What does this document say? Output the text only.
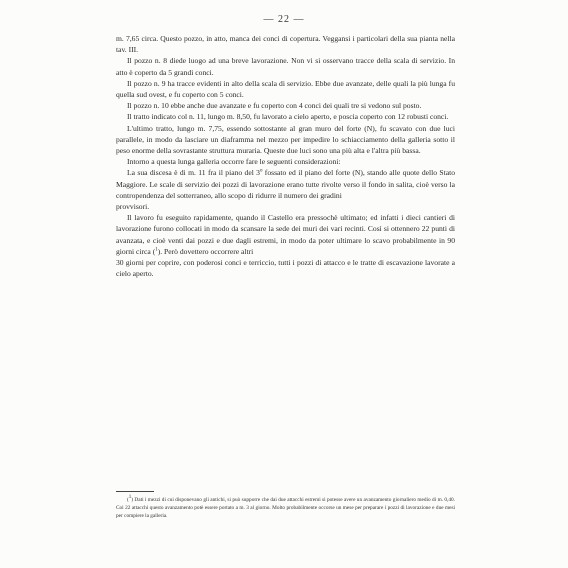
— 22 —

m. 7,65 circa. Questo pozzo, in atto, manca dei conci di copertura. Veggansi i particolari della sua pianta nella tav. III.

Il pozzo n. 8 diede luogo ad una breve lavorazione. Non vi si osservano tracce della scala di servizio. In atto è coperto da 5 grandi conci.

Il pozzo n. 9 ha tracce evidenti in alto della scala di servizio. Ebbe due avanzate, delle quali la più lunga fu quella sud ovest, e fu coperto con 5 conci.

Il pozzo n. 10 ebbe anche due avanzate e fu coperto con 4 conci dei quali tre si vedono sul posto.

Il tratto indicato col n. 11, lungo m. 8,50, fu lavorato a cielo aperto, e poscia coperto con 12 robusti conci.

L'ultimo tratto, lungo m. 7,75, essendo sottostante al gran muro del forte (N), fu scavato con due luci parallele, in modo da lasciare un diaframma nel mezzo per impedire lo schiacciamento della galleria sotto il peso enorme della sovrastante struttura muraria. Queste due luci sono una più alta e l'altra più bassa.

Intorno a questa lunga galleria occorre fare le seguenti considerazioni:

La sua discesa è di m. 11 fra il piano del 3$^o$ fossato ed il piano del forte (N), stando alle quote dello Stato Maggiore. Le scale di servizio dei pozzi di lavorazione erano tutte rivolte verso il fondo in salita, cioè verso la contropendenza del sotterraneo, allo scopo di ridurre il numero dei gradini

provvisori.

Il lavoro fu eseguito rapidamente, quando il Castello era pressochè ultimato; ed infatti i dieci cantieri di lavorazione furono collocati in modo da scansare la sede dei muri dei vari recinti. Così si ottennero 22 punti di avanzata, e cioè venti dai pozzi e due dagli estremi, in modo da poter ultimare lo scavo probabilmente in 90 giorni circa ($^1$). Però dovettero occorrere altri

30 giorni per coprire, con poderosi conci e terriccio, tutti i pozzi di attacco e le tratte di escavazione lavorate a cielo aperto.

(1) Dati i mezzi di cui disponevano gli antichi, si può supporre che dai due attacchi estremi si potesse avere un avanzamento giornaliero medio di m. 0,40. Coi 22 attacchi questo avanzamento potè essere portato a m. 3 al giorno. Molto probabilmente occorse un mese per preparare i pozzi di lavorazione e due mesi per compiere la galleria.
